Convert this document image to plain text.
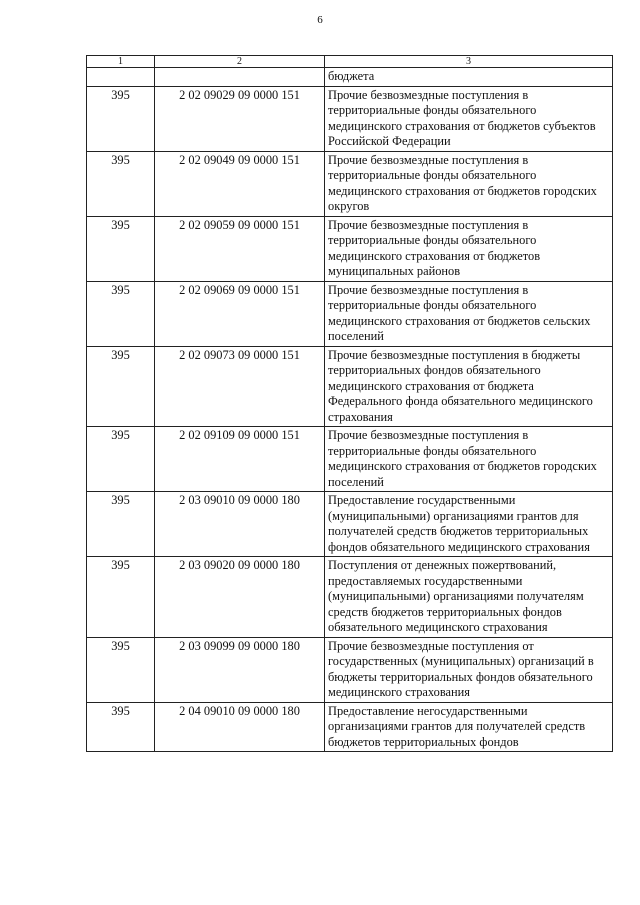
6
1	2	3
		бюджета
395	2 02 09029 09 0000 151	Прочие безвозмездные поступления в территориальные фонды обязательного медицинского страхования от бюджетов субъектов Российской Федерации
395	2 02 09049 09 0000 151	Прочие безвозмездные поступления в территориальные фонды обязательного медицинского страхования от бюджетов городских округов
395	2 02 09059 09 0000 151	Прочие безвозмездные поступления в территориальные фонды обязательного медицинского страхования от бюджетов муниципальных районов
395	2 02 09069 09 0000 151	Прочие безвозмездные поступления в территориальные фонды обязательного медицинского страхования от бюджетов сельских поселений
395	2 02 09073 09 0000 151	Прочие безвозмездные поступления в бюджеты территориальных фондов обязательного медицинского страхования от бюджета Федерального фонда обязательного медицинского страхования
395	2 02 09109 09 0000 151	Прочие безвозмездные поступления в территориальные фонды обязательного медицинского страхования от бюджетов городских поселений
395	2 03 09010 09 0000 180	Предоставление государственными (муниципальными) организациями грантов для получателей средств бюджетов территориальных фондов обязательного медицинского страхования
395	2 03 09020 09 0000 180	Поступления от денежных пожертвований, предоставляемых государственными (муниципальными) организациями получателям средств бюджетов территориальных фондов обязательного медицинского страхования
395	2 03 09099 09 0000 180	Прочие безвозмездные поступления от государственных (муниципальных) организаций в бюджеты территориальных фондов обязательного медицинского страхования
395	2 04 09010 09 0000 180	Предоставление негосударственными организациями грантов для получателей средств бюджетов территориальных фондов
